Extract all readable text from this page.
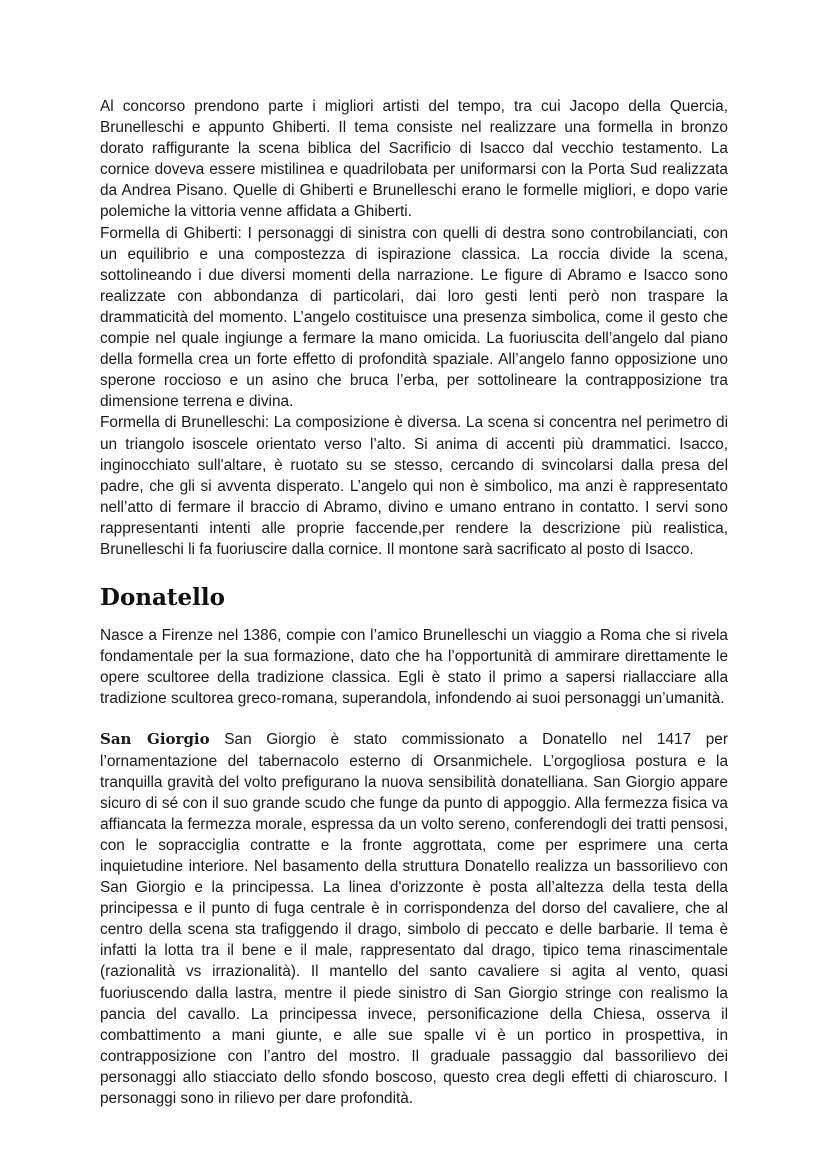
Al concorso prendono parte i migliori artisti del tempo, tra cui Jacopo della Quercia, Brunelleschi e appunto Ghiberti. Il tema consiste nel realizzare una formella in bronzo dorato raffigurante la scena biblica del Sacrificio di Isacco dal vecchio testamento. La cornice doveva essere mistilinea e quadrilobata per uniformarsi con la Porta Sud realizzata da Andrea Pisano. Quelle di Ghiberti e Brunelleschi erano le formelle migliori, e dopo varie polemiche la vittoria venne affidata a Ghiberti.

Formella di Ghiberti: I personaggi di sinistra con quelli di destra sono controbilanciati, con un equilibrio e una compostezza di ispirazione classica. La roccia divide la scena, sottolineando i due diversi momenti della narrazione. Le figure di Abramo e Isacco sono realizzate con abbondanza di particolari, dai loro gesti lenti però non traspare la drammaticità del momento. L’angelo costituisce una presenza simbolica, come il gesto che compie nel quale ingiunge a fermare la mano omicida. La fuoriuscita dell’angelo dal piano della formella crea un forte effetto di profondità spaziale. All’angelo fanno opposizione uno sperone roccioso e un asino che bruca l’erba, per sottolineare la contrapposizione tra dimensione terrena e divina.

Formella di Brunelleschi: La composizione è diversa. La scena si concentra nel perimetro di un triangolo isoscele orientato verso l’alto. Si anima di accenti più drammatici. Isacco, inginocchiato sull'altare, è ruotato su se stesso, cercando di svincolarsi dalla presa del padre, che gli si avventa disperato. L’angelo qui non è simbolico, ma anzi è rappresentato nell’atto di fermare il braccio di Abramo, divino e umano entrano in contatto. I servi sono rappresentanti intenti alle proprie faccende,per rendere la descrizione più realistica, Brunelleschi li fa fuoriuscire dalla cornice. Il montone sarà sacrificato al posto di Isacco.

Donatello

Nasce a Firenze nel 1386, compie con l’amico Brunelleschi un viaggio a Roma che si rivela fondamentale per la sua formazione, dato che ha l’opportunità di ammirare direttamente le opere scultoree della tradizione classica. Egli è stato il primo a sapersi riallacciare alla tradizione scultorea greco-romana, superandola, infondendo ai suoi personaggi un’umanità.

San Giorgio San Giorgio è stato commissionato a Donatello nel 1417 per l’ornamentazione del tabernacolo esterno di Orsanmichele. L’orgogliosa postura e la tranquilla gravità del volto prefigurano la nuova sensibilità donatelliana. San Giorgio appare sicuro di sé con il suo grande scudo che funge da punto di appoggio. Alla fermezza fisica va affiancata la fermezza morale, espressa da un volto sereno, conferendogli dei tratti pensosi, con le sopracciglia contratte e la fronte aggrottata, come per esprimere una certa inquietudine interiore. Nel basamento della struttura Donatello realizza un bassorilievo con San Giorgio e la principessa. La linea d'orizzonte è posta all’altezza della testa della principessa e il punto di fuga centrale è in corrispondenza del dorso del cavaliere, che al centro della scena sta trafiggendo il drago, simbolo di peccato e delle barbarie. Il tema è infatti la lotta tra il bene e il male, rappresentato dal drago, tipico tema rinascimentale (razionalità vs irrazionalità). Il mantello del santo cavaliere si agita al vento, quasi fuoriuscendo dalla lastra, mentre il piede sinistro di San Giorgio stringe con realismo la pancia del cavallo. La principessa invece, personificazione della Chiesa, osserva il combattimento a mani giunte, e alle sue spalle vi è un portico in prospettiva, in contrapposizione con l’antro del mostro. Il graduale passaggio dal bassorilievo dei personaggi allo stiacciato dello sfondo boscoso, questo crea degli effetti di chiaroscuro. I personaggi sono in rilievo per dare profondità.
